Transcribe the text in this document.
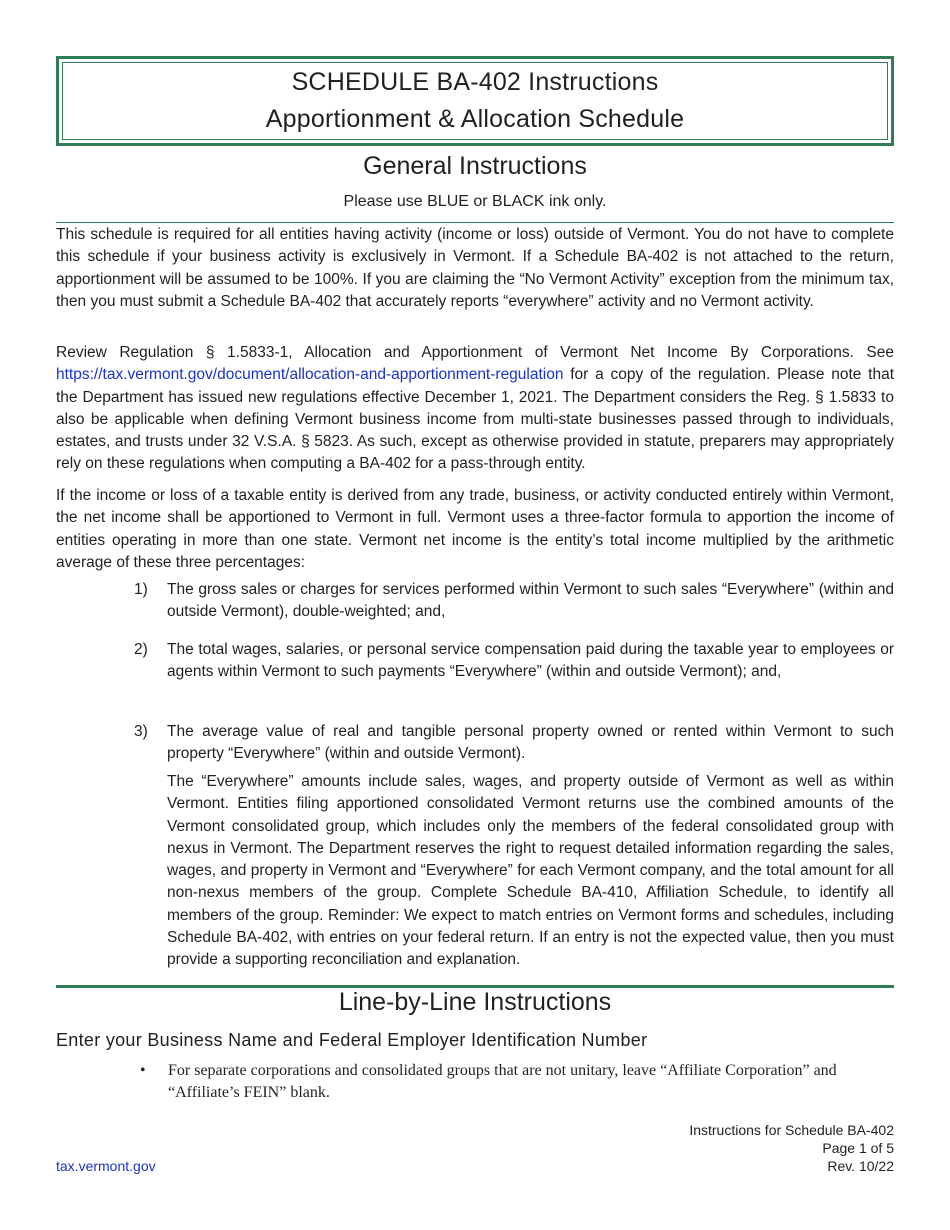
SCHEDULE BA-402 Instructions
Apportionment & Allocation Schedule
General Instructions
Please use BLUE or BLACK ink only.

This schedule is required for all entities having activity (income or loss) outside of Vermont. You do not have to complete this schedule if your business activity is exclusively in Vermont. If a Schedule BA-402 is not attached to the return, apportionment will be assumed to be 100%. If you are claiming the “No Vermont Activity” exception from the minimum tax, then you must submit a Schedule BA-402 that accurately reports “everywhere” activity and no Vermont activity.

Review Regulation § 1.5833-1, Allocation and Apportionment of Vermont Net Income By Corporations. See https://tax.vermont.gov/document/allocation-and-apportionment-regulation for a copy of the regulation. Please note that the Department has issued new regulations effective December 1, 2021. The Department considers the Reg. § 1.5833 to also be applicable when defining Vermont business income from multi-state businesses passed through to individuals, estates, and trusts under 32 V.S.A. § 5823. As such, except as otherwise provided in statute, preparers may appropriately rely on these regulations when computing a BA-402 for a pass-through entity.

If the income or loss of a taxable entity is derived from any trade, business, or activity conducted entirely within Vermont, the net income shall be apportioned to Vermont in full. Vermont uses a three-factor formula to apportion the income of entities operating in more than one state. Vermont net income is the entity’s total income multiplied by the arithmetic average of these three percentages:

1)	The gross sales or charges for services performed within Vermont to such sales “Everywhere” (within and outside Vermont), double-weighted; and,
2)	The total wages, salaries, or personal service compensation paid during the taxable year to employees or agents within Vermont to such payments “Everywhere” (within and outside Vermont); and,
3)	The average value of real and tangible personal property owned or rented within Vermont to such property “Everywhere” (within and outside Vermont).

The “Everywhere” amounts include sales, wages, and property outside of Vermont as well as within Vermont. Entities filing apportioned consolidated Vermont returns use the combined amounts of the Vermont consolidated group, which includes only the members of the federal consolidated group with nexus in Vermont. The Department reserves the right to request detailed information regarding the sales, wages, and property in Vermont and “Everywhere” for each Vermont company, and the total amount for all non-nexus members of the group. Complete Schedule BA-410, Affiliation Schedule, to identify all members of the group. Reminder: We expect to match entries on Vermont forms and schedules, including Schedule BA-402, with entries on your federal return. If an entry is not the expected value, then you must provide a supporting reconciliation and explanation.

Line-by-Line Instructions
Enter your Business Name and Federal Employer Identification Number
• For separate corporations and consolidated groups that are not unitary, leave “Affiliate Corporation” and “Affiliate’s FEIN” blank.
Instructions for Schedule BA-402
Page 1 of 5
Rev. 10/22
tax.vermont.gov
